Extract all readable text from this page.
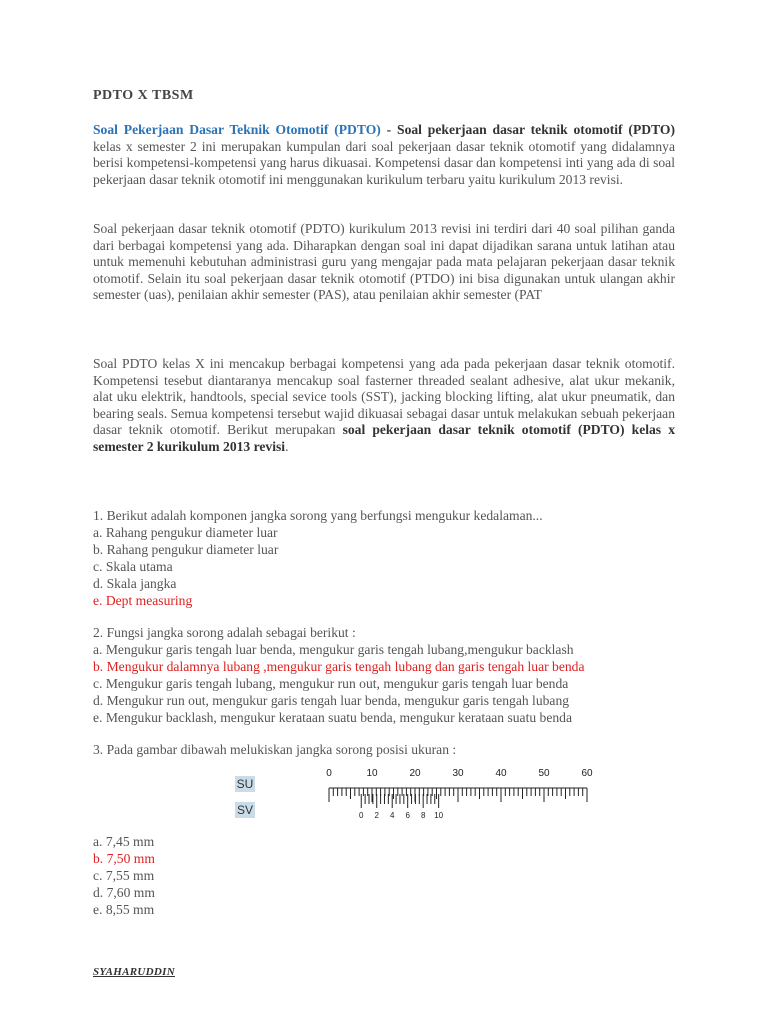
PDTO X TBSM
Soal Pekerjaan Dasar Teknik Otomotif (PDTO) - Soal pekerjaan dasar teknik otomotif (PDTO) kelas x semester 2 ini merupakan kumpulan dari soal pekerjaan dasar teknik otomotif yang didalamnya berisi kompetensi-kompetensi yang harus dikuasai. Kompetensi dasar dan kompetensi inti yang ada di soal pekerjaan dasar teknik otomotif ini menggunakan kurikulum terbaru yaitu kurikulum 2013 revisi.
Soal pekerjaan dasar teknik otomotif (PDTO) kurikulum 2013 revisi ini terdiri dari 40 soal pilihan ganda dari berbagai kompetensi yang ada. Diharapkan dengan soal ini dapat dijadikan sarana untuk latihan atau untuk memenuhi kebutuhan administrasi guru yang mengajar pada mata pelajaran pekerjaan dasar teknik otomotif. Selain itu soal pekerjaan dasar teknik otomotif (PTDO) ini bisa digunakan untuk ulangan akhir semester (uas), penilaian akhir semester (PAS), atau penilaian akhir semester (PAT
Soal PDTO kelas X ini mencakup berbagai kompetensi yang ada pada pekerjaan dasar teknik otomotif. Kompetensi tesebut diantaranya mencakup soal fasterner threaded sealant adhesive, alat ukur mekanik, alat uku elektrik, handtools, special sevice tools (SST), jacking blocking lifting, alat ukur pneumatik, dan bearing seals. Semua kompetensi tersebut wajid dikuasai sebagai dasar untuk melakukan sebuah pekerjaan dasar teknik otomotif. Berikut merupakan soal pekerjaan dasar teknik otomotif (PDTO) kelas x semester 2 kurikulum 2013 revisi.
1. Berikut adalah komponen jangka sorong yang berfungsi mengukur kedalaman...
a. Rahang pengukur diameter luar
b. Rahang pengukur diameter luar
c. Skala utama
d. Skala jangka
e. Dept measuring
2. Fungsi jangka sorong adalah sebagai berikut :
a. Mengukur garis tengah luar benda, mengukur garis tengah lubang,mengukur backlash
b. Mengukur dalamnya lubang ,mengukur garis tengah lubang dan garis tengah luar benda
c. Mengukur garis tengah lubang, mengukur run out, mengukur garis tengah luar benda
d. Mengukur run out, mengukur garis tengah luar benda, mengukur garis tengah lubang
e. Mengukur backlash, mengukur kerataan suatu benda, mengukur kerataan suatu benda
3. Pada gambar dibawah melukiskan jangka sorong posisi ukuran :
SU
SV
0	10	20	30	40	50	60
0 2 4 6 8 10
a. 7,45 mm
b. 7,50 mm
c. 7,55 mm
d. 7,60 mm
e. 8,55 mm
SYAHARUDDIN
